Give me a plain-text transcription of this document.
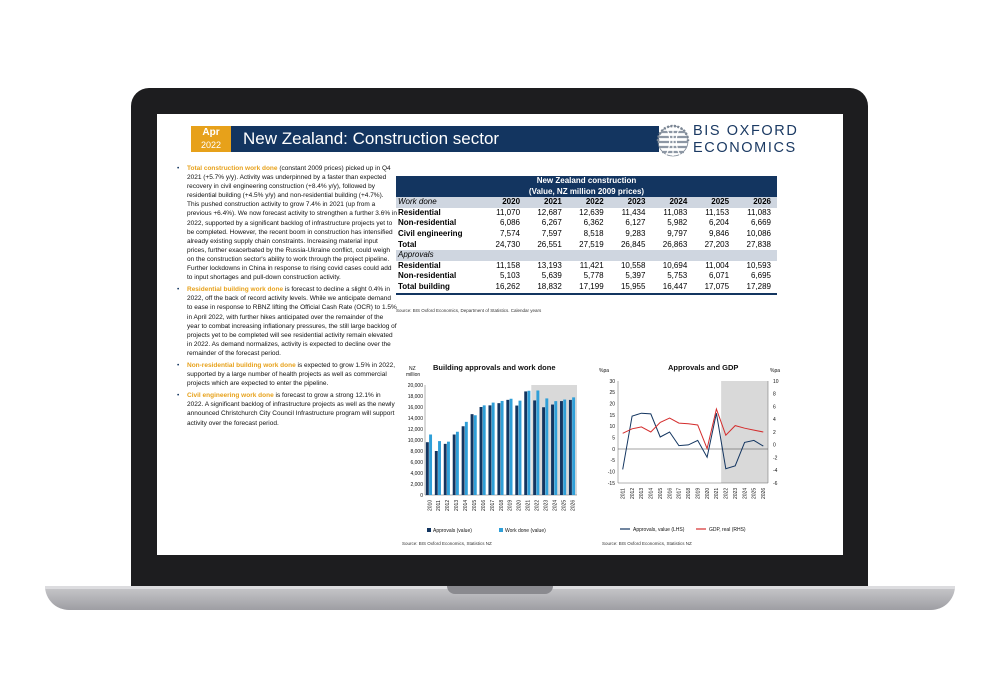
Apr
2022	New Zealand: Construction sector	BIS OXFORD
ECONOMICS
• Total construction work done (constant 2009 prices) picked up in Q4 2021 (+5.7% y/y). Activity was underpinned by a faster than expected recovery in civil engineering construction (+8.4% y/y), followed by residential building (+4.5% y/y) and non-residential building (+4.7%). This pushed construction activity to grow 7.4% in 2021 (up from a previous +6.4%). We now forecast activity to strengthen a further 3.6% in 2022, supported by a significant backlog of infrastructure projects yet to be completed. However, the recent boom in construction has intensified already existing supply chain constraints. Increasing material input prices, further exacerbated by the Russia-Ukraine conflict, could weigh on the construction sector's ability to work through the project pipeline. Further lockdowns in China in response to rising covid cases could add to input shortages and pull-down construction activity.
• Residential building work done is forecast to decline a slight 0.4% in 2022, off the back of record activity levels. While we anticipate demand to ease in response to RBNZ lifting the Official Cash Rate (OCR) to 1.5% in April 2022, with further hikes anticipated over the remainder of the year to combat increasing inflationary pressures, the still large backlog of projects yet to be completed will see residential activity remain elevated in 2022. As demand normalizes, activity is expected to decline over the remainder of the forecast period.
• Non-residential building work done is expected to grow 1.5% in 2022, supported by a large number of health projects as well as commercial projects which are expected to enter the pipeline.
• Civil engineering work done is forecast to grow a strong 12.1% in 2022. A significant backlog of infrastructure projects as well as the newly announced Christchurch City Council Infrastructure program will support activity over the forecast period.
New Zealand construction							
(Value, NZ million 2009 prices)							
Work done	2020	2021	2022	2023	2024	2025	2026
Residential	11,070	12,687	12,639	11,434	11,083	11,153	11,083
Non-residential	6,086	6,267	6,362	6,127	5,982	6,204	6,669
Civil engineering	7,574	7,597	8,518	9,283	9,797	9,846	10,086
Total	24,730	26,551	27,519	26,845	26,863	27,203	27,838
Approvals							
Residential	11,158	13,193	11,421	10,558	10,694	11,004	10,593
Non-residential	5,103	5,639	5,778	5,397	5,753	6,071	6,695
Total building	16,262	18,832	17,199	15,955	16,447	17,075	17,289
Source: BIS Oxford Economics, Department of Statistics. Calendar years
Building approvals and work done
NZ
million
20,000
18,000
16,000
14,000
12,000
10,000
8,000
6,000
4,000
2,000
0
2010 2011 2012 2013 2014 2015 2016 2017 2018 2019 2020 2021 2022 2023 2024 2025 2026
Approvals (value)	Work done (value)
Source: BIS Oxford Economics, Statistics NZ
Approvals and GDP
%pa	%pa
30
25
20
15
10
5
0
-5
-10
-15
10
8
6
4
2
0
-2
-4
-6
2011 2012 2013 2014 2015 2016 2017 2018 2019 2020 2021 2022 2023 2024 2025 2026
Approvals, value (LHS)	GDP, real (RHS)
Source: BIS Oxford Economics, Statistics NZ
